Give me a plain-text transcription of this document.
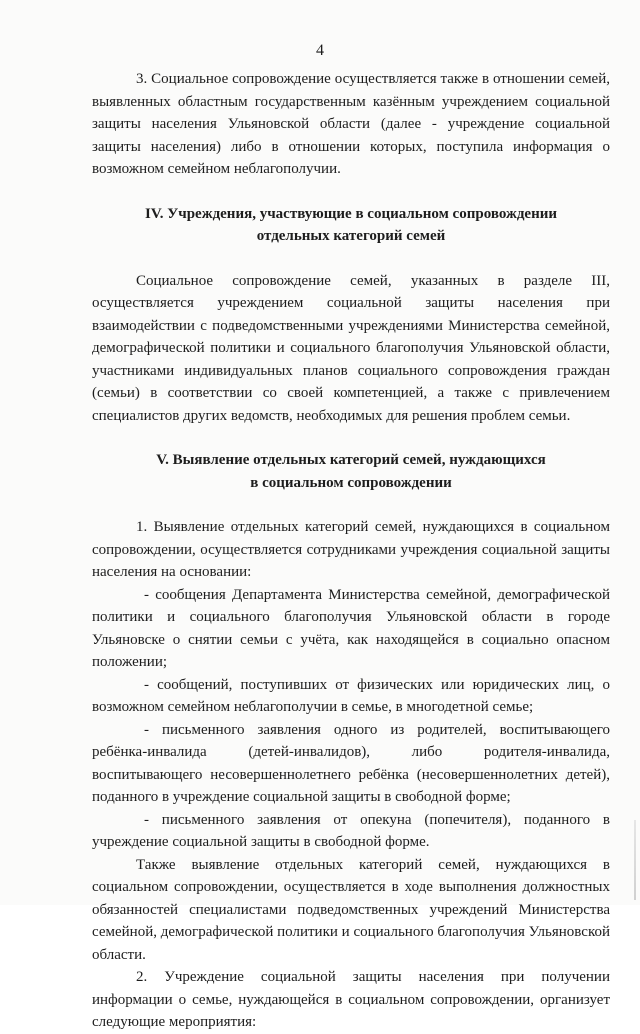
4

3. Социальное сопровождение осуществляется также в отношении семей, выявленных областным государственным казённым учреждением социальной защиты населения Ульяновской области (далее - учреждение социальной защиты населения) либо в отношении которых, поступила информация о возможном семейном неблагополучии.

IV. Учреждения, участвующие в социальном сопровождении
отдельных категорий семей

Социальное сопровождение семей, указанных в разделе III, осуществляется учреждением социальной защиты населения при взаимодействии с подведомственными учреждениями Министерства семейной, демографической политики и социального благополучия Ульяновской области, участниками индивидуальных планов социального сопровождения граждан (семьи) в соответствии со своей компетенцией, а также с привлечением специалистов других ведомств, необходимых для решения проблем семьи.

V. Выявление отдельных категорий семей, нуждающихся
в социальном сопровождении

1. Выявление отдельных категорий семей, нуждающихся в социальном сопровождении, осуществляется сотрудниками учреждения социальной защиты населения на основании:

- сообщения Департамента Министерства семейной, демографической политики и социального благополучия Ульяновской области в городе Ульяновске о снятии семьи с учёта, как находящейся в социально опасном положении;

- сообщений, поступивших от физических или юридических лиц, о возможном семейном неблагополучии в семье, в многодетной семье;

- письменного заявления одного из родителей, воспитывающего ребёнка-инвалида (детей-инвалидов), либо родителя-инвалида, воспитывающего несовершеннолетнего ребёнка (несовершеннолетних детей), поданного в учреждение социальной защиты в свободной форме;

- письменного заявления от опекуна (попечителя), поданного в учреждение социальной защиты в свободной форме.

Также выявление отдельных категорий семей, нуждающихся в социальном сопровождении, осуществляется в ходе выполнения должностных обязанностей специалистами подведомственных учреждений Министерства семейной, демографической политики и социального благополучия Ульяновской области.

2. Учреждение социальной защиты населения при получении информации о семье, нуждающейся в социальном сопровождении, организует следующие мероприятия:
